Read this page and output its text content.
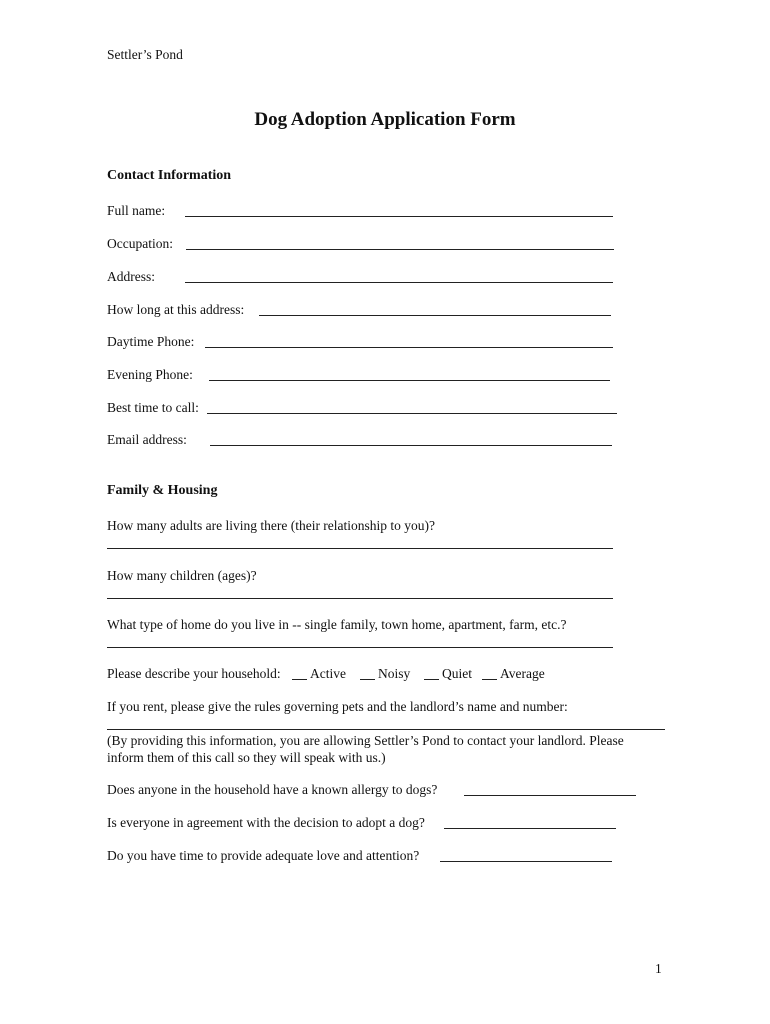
Settler’s Pond
Dog Adoption Application Form
Contact Information
Full name:
Occupation:
Address:
How long at this address:
Daytime Phone:
Evening Phone:
Best time to call:
Email address:
Family & Housing
How many adults are living there (their relationship to you)?
How many children (ages)?
What type of home do you live in -- single family, town home, apartment, farm, etc.?
Please describe your household: Active Noisy Quiet Average
If you rent, please give the rules governing pets and the landlord’s name and number:
(By providing this information, you are allowing Settler’s Pond to contact your landlord. Please
inform them of this call so they will speak with us.)
Does anyone in the household have a known allergy to dogs?
Is everyone in agreement with the decision to adopt a dog?
Do you have time to provide adequate love and attention?
1
